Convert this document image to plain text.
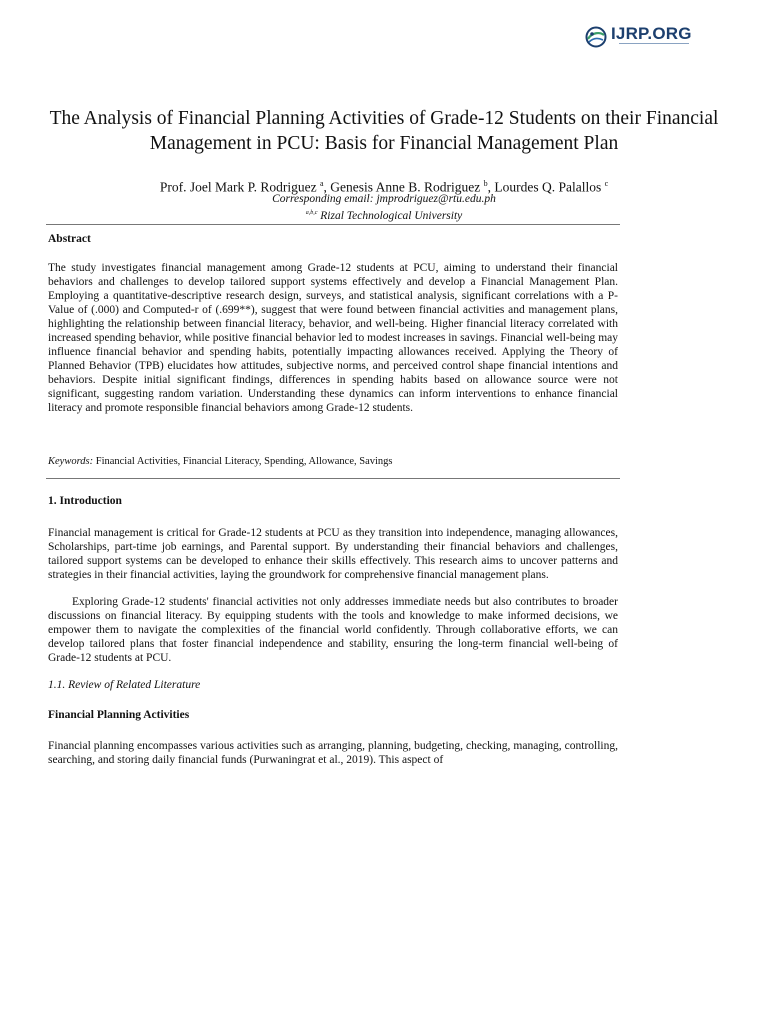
IJRP.ORG
The Analysis of Financial Planning Activities of Grade-12 Students on their Financial Management in PCU: Basis for Financial Management Plan
Prof. Joel Mark P. Rodriguez $^a$, Genesis Anne B. Rodriguez $^b$, Lourdes Q. Palallos $^c$
Corresponding email: jmprodriguez@rtu.edu.ph
$^{a,b,c}$ Rizal Technological University
Abstract

The study investigates financial management among Grade-12 students at PCU, aiming to understand their financial behaviors and challenges to develop tailored support systems effectively and develop a Financial Management Plan. Employing a quantitative-descriptive research design, surveys, and statistical analysis, significant correlations with a P-Value of (.000) and Computed-r of (.699**), suggest that were found between financial activities and management plans, highlighting the relationship between financial literacy, behavior, and well-being. Higher financial literacy correlated with increased spending behavior, while positive financial behavior led to modest increases in savings. Financial well-being may influence financial behavior and spending habits, potentially impacting allowances received. Applying the Theory of Planned Behavior (TPB) elucidates how attitudes, subjective norms, and perceived control shape financial intentions and behaviors. Despite initial significant findings, differences in spending habits based on allowance source were not significant, suggesting random variation. Understanding these dynamics can inform interventions to enhance financial literacy and promote responsible financial behaviors among Grade-12 students.

Keywords: Financial Activities, Financial Literacy, Spending, Allowance, Savings
1. Introduction

Financial management is critical for Grade-12 students at PCU as they transition into independence, managing allowances, Scholarships, part-time job earnings, and Parental support. By understanding their financial behaviors and challenges, tailored support systems can be developed to enhance their skills effectively. This research aims to uncover patterns and strategies in their financial activities, laying the groundwork for comprehensive financial management plans.

Exploring Grade-12 students' financial activities not only addresses immediate needs but also contributes to broader discussions on financial literacy. By equipping students with the tools and knowledge to make informed decisions, we empower them to navigate the complexities of the financial world confidently. Through collaborative efforts, we can develop tailored plans that foster financial independence and stability, ensuring the long-term financial well-being of Grade-12 students at PCU.

1.1. Review of Related Literature
Financial Planning Activities

Financial planning encompasses various activities such as arranging, planning, budgeting, checking, managing, controlling, searching, and storing daily financial funds (Purwaningrat et al., 2019). This aspect of
